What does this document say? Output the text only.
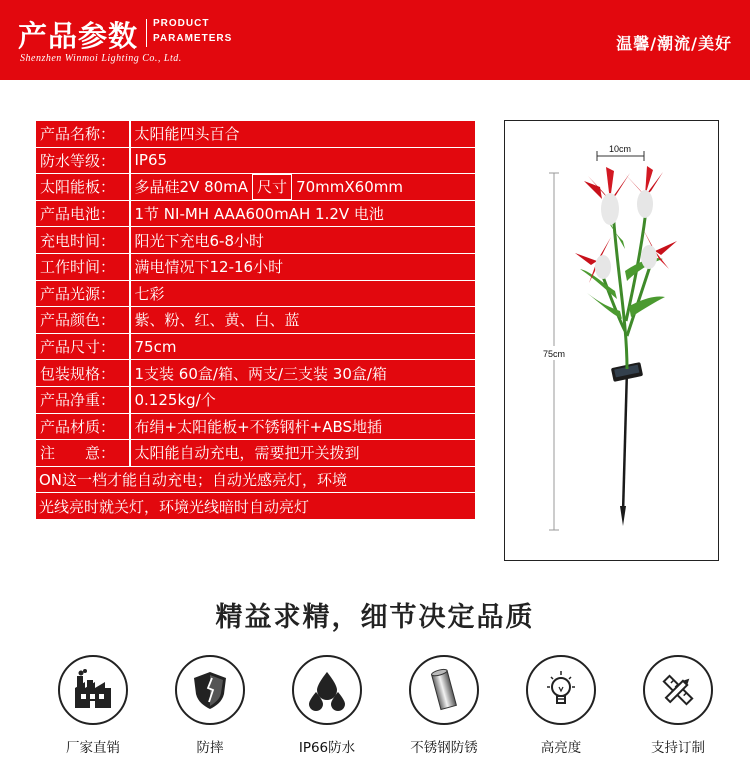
产品参数 PRODUCT
PARAMETERS
Shenzhen Winmoi Lighting Co., Ltd.
温馨/潮流/美好
产品名称：	太阳能四头百合
防水等级：	IP65
太阳能板：	多晶硅2V 80mA 尺寸 70mmX60mm
产品电池：	1节 NI-MH AAA600mAH 1.2V 电池
充电时间：	阳光下充电6-8小时
工作时间：	满电情况下12-16小时
产品光源：	七彩
产品颜色：	紫、粉、红、黄、白、蓝
产品尺寸：	75cm
包装规格：	1支装 60盒/箱、两支/三支装 30盒/箱
产品净重：	0.125kg/个
产品材质：	布绢+太阳能板+不锈钢杆+ABS地插
注　　意：	太阳能自动充电，需要把开关拨到
ON这一档才能自动充电；自动光感亮灯，环境
光线亮时就关灯，环境光线暗时自动亮灯
10cm
75cm
精益求精，细节决定品质
厂家直销	防摔	IP66防水	不锈钢防锈	高亮度	支持订制
